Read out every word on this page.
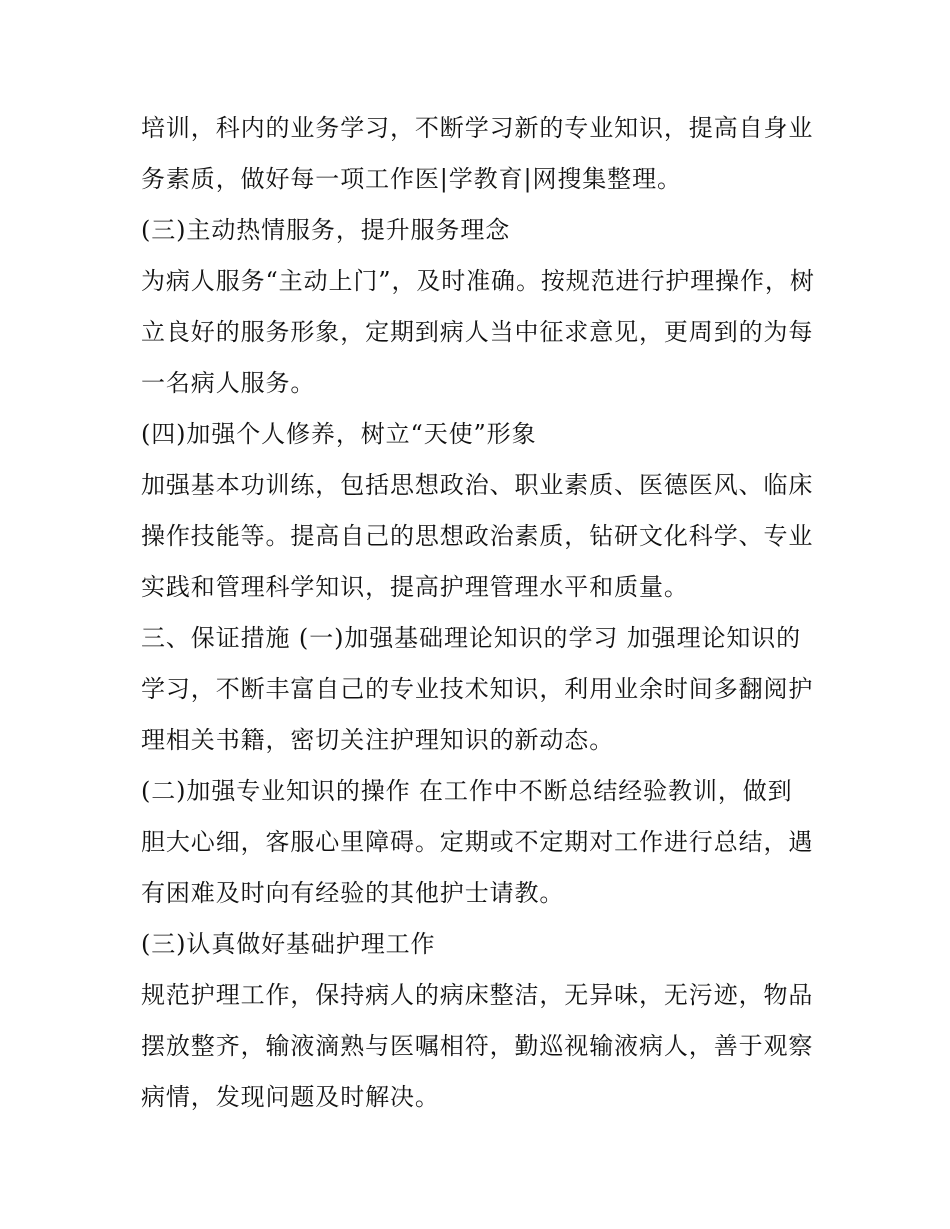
培训，科内的业务学习，不断学习新的专业知识，提高自身业

务素质，做好每一项工作医|学教育|网搜集整理。

(三)主动热情服务，提升服务理念

为病人服务“主动上门”，及时准确。按规范进行护理操作，树

立良好的服务形象，定期到病人当中征求意见，更周到的为每

一名病人服务。

(四)加强个人修养，树立“天使”形象

加强基本功训练，包括思想政治、职业素质、医德医风、临床

操作技能等。提高自己的思想政治素质，钻研文化科学、专业

实践和管理科学知识，提高护理管理水平和质量。

三、保证措施 (一)加强基础理论知识的学习 加强理论知识的

学习，不断丰富自己的专业技术知识，利用业余时间多翻阅护

理相关书籍，密切关注护理知识的新动态。

(二)加强专业知识的操作 在工作中不断总结经验教训，做到

胆大心细，客服心里障碍。定期或不定期对工作进行总结，遇

有困难及时向有经验的其他护士请教。

(三)认真做好基础护理工作

规范护理工作，保持病人的病床整洁，无异味，无污迹，物品

摆放整齐，输液滴熟与医嘱相符，勤巡视输液病人，善于观察

病情，发现问题及时解决。
